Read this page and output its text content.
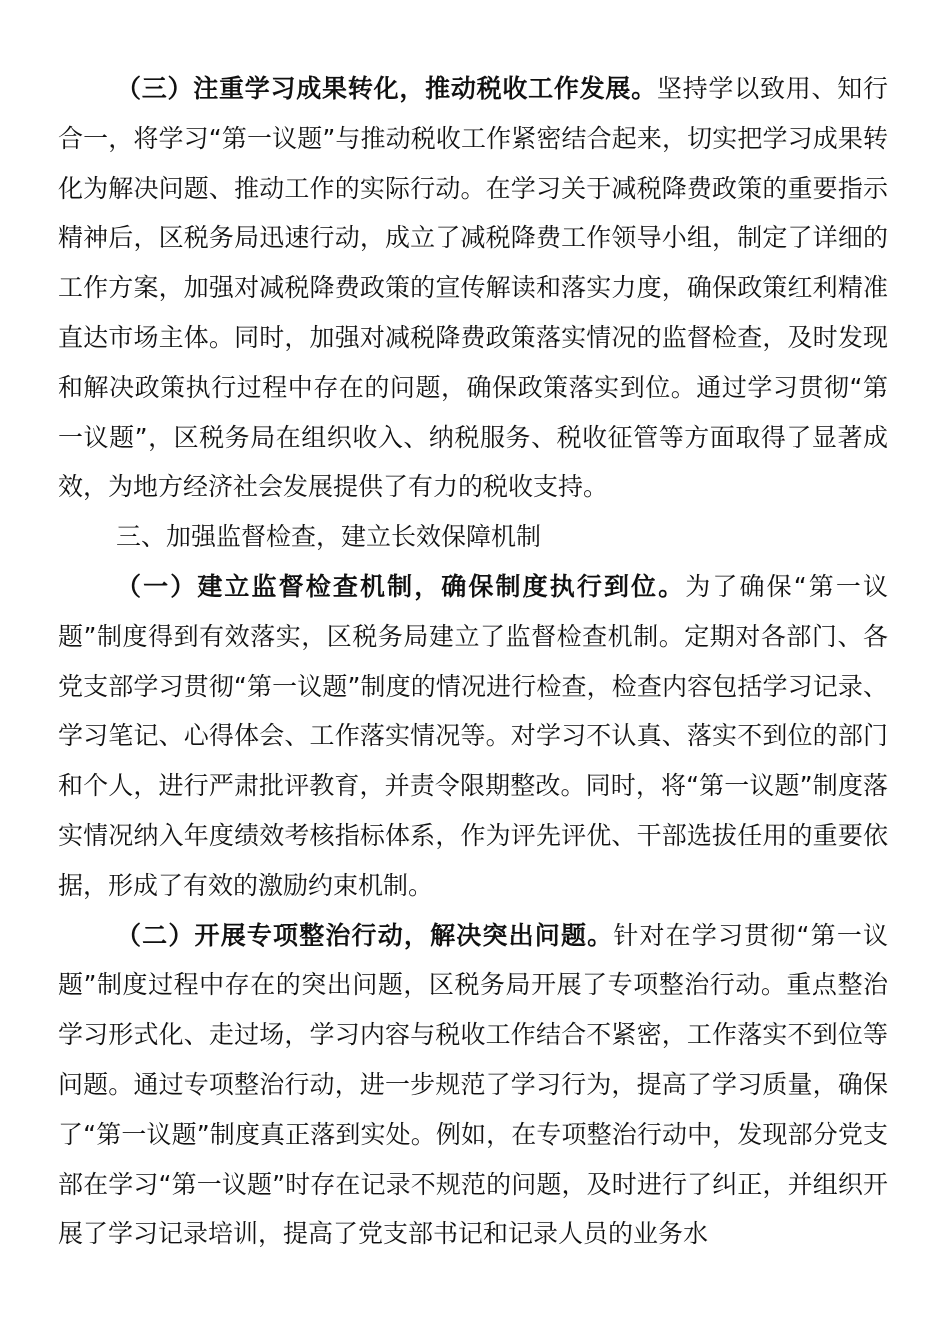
（三）注重学习成果转化，推动税收工作发展。坚持学以致用、知行合一，将学习“第一议题”与推动税收工作紧密结合起来，切实把学习成果转化为解决问题、推动工作的实际行动。在学习关于减税降费政策的重要指示精神后，区税务局迅速行动，成立了减税降费工作领导小组，制定了详细的工作方案，加强对减税降费政策的宣传解读和落实力度，确保政策红利精准直达市场主体。同时，加强对减税降费政策落实情况的监督检查，及时发现和解决政策执行过程中存在的问题，确保政策落实到位。通过学习贯彻“第一议题”，区税务局在组织收入、纳税服务、税收征管等方面取得了显著成效，为地方经济社会发展提供了有力的税收支持。

三、加强监督检查，建立长效保障机制

（一）建立监督检查机制，确保制度执行到位。为了确保“第一议题”制度得到有效落实，区税务局建立了监督检查机制。定期对各部门、各党支部学习贯彻“第一议题”制度的情况进行检查，检查内容包括学习记录、学习笔记、心得体会、工作落实情况等。对学习不认真、落实不到位的部门和个人，进行严肃批评教育，并责令限期整改。同时，将“第一议题”制度落实情况纳入年度绩效考核指标体系，作为评先评优、干部选拔任用的重要依据，形成了有效的激励约束机制。

（二）开展专项整治行动，解决突出问题。针对在学习贯彻“第一议题”制度过程中存在的突出问题，区税务局开展了专项整治行动。重点整治学习形式化、走过场，学习内容与税收工作结合不紧密，工作落实不到位等问题。通过专项整治行动，进一步规范了学习行为，提高了学习质量，确保了“第一议题”制度真正落到实处。例如，在专项整治行动中，发现部分党支部在学习“第一议题”时存在记录不规范的问题，及时进行了纠正，并组织开展了学习记录培训，提高了党支部书记和记录人员的业务水
